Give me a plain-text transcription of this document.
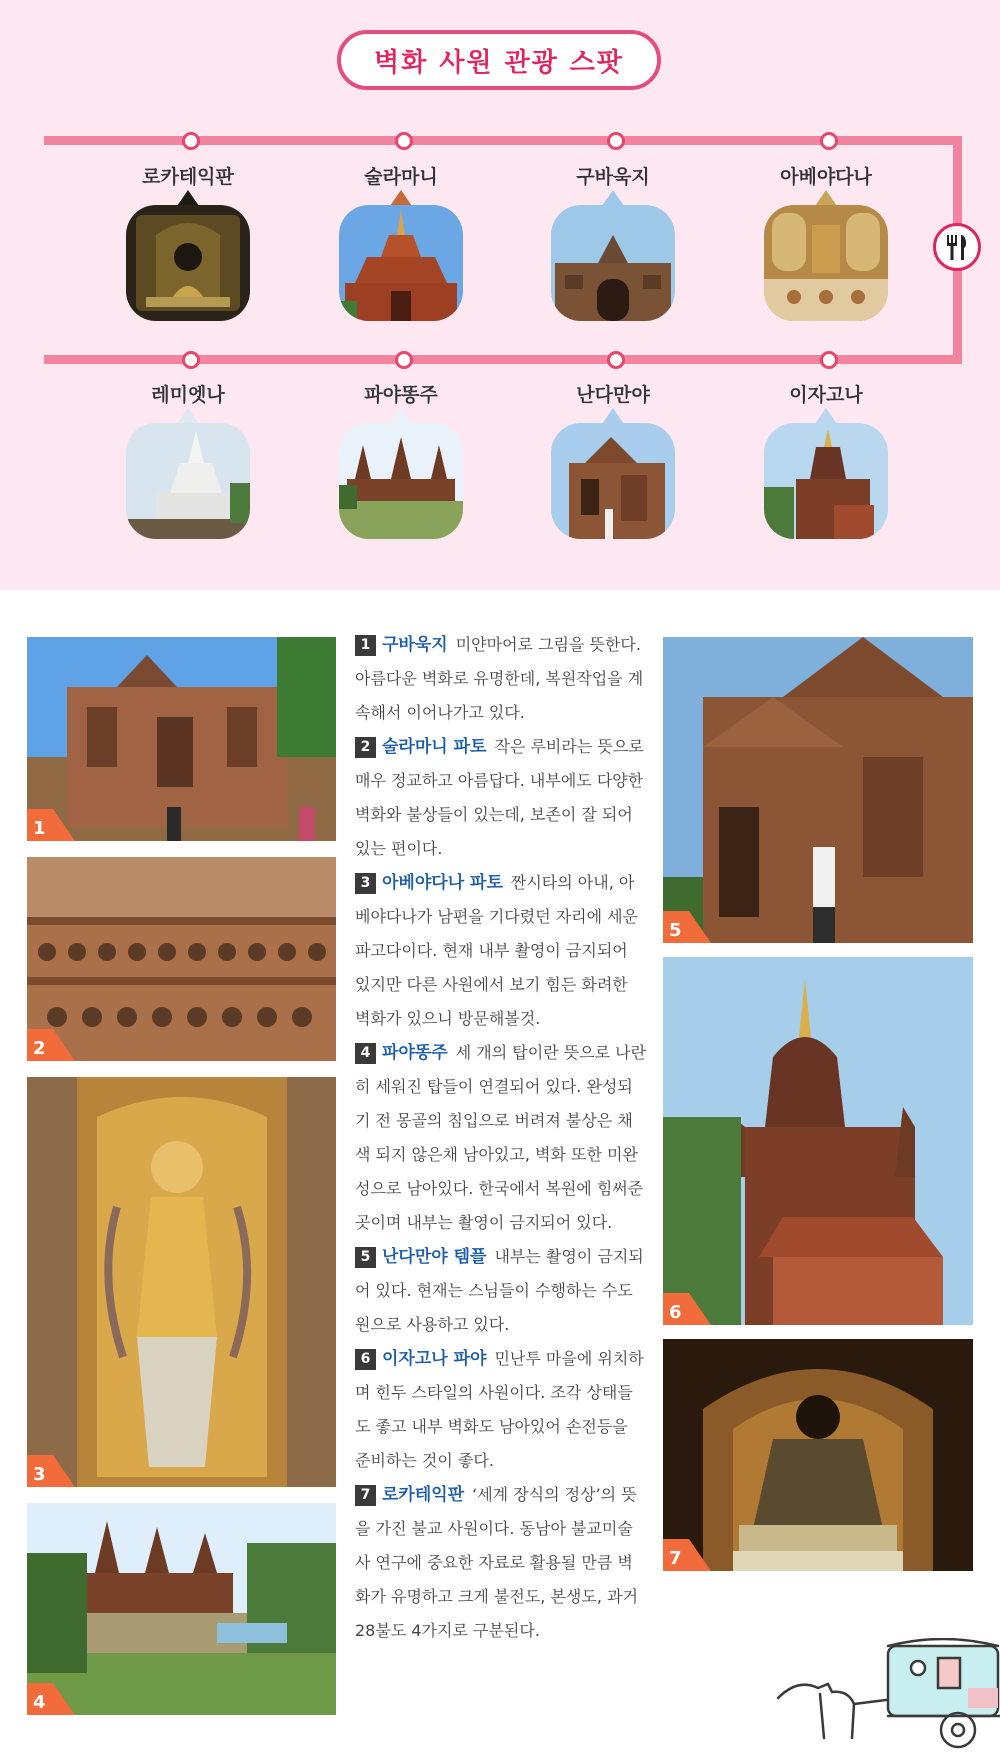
벽화 사원 관광 스팟
로카테익판	술라마니	구바욱지	아베야다나
레미엣나	파야똥주	난다만야	이자고나
1
2
3
4
5
6
7
1 구바욱지 미얀마어로 그림을 뜻한다. 아름다운 벽화로 유명한데, 복원작업을 계속해서 이어나가고 있다.
2 술라마니 파토 작은 루비라는 뜻으로 매우 정교하고 아름답다. 내부에도 다양한 벽화와 불상들이 있는데, 보존이 잘 되어 있는 편이다.
3 아베야다나 파토 짠시타의 아내, 아베야다나가 남편을 기다렸던 자리에 세운 파고다이다. 현재 내부 촬영이 금지되어 있지만 다른 사원에서 보기 힘든 화려한 벽화가 있으니 방문해볼것.
4 파야똥주 세 개의 탑이란 뜻으로 나란히 세워진 탑들이 연결되어 있다. 완성되기 전 몽골의 침입으로 버려져 불상은 채색 되지 않은채 남아있고, 벽화 또한 미완성으로 남아있다. 한국에서 복원에 힘써준 곳이며 내부는 촬영이 금지되어 있다.
5 난다만야 템플 내부는 촬영이 금지되어 있다. 현재는 스님들이 수행하는 수도원으로 사용하고 있다.
6 이자고나 파야 민난투 마을에 위치하며 힌두 스타일의 사원이다. 조각 상태들도 좋고 내부 벽화도 남아있어 손전등을 준비하는 것이 좋다.
7 로카테익판 ‘세계 장식의 정상’의 뜻을 가진 불교 사원이다. 동남아 불교미술사 연구에 중요한 자료로 활용될 만큼 벽화가 유명하고 크게 불전도, 본생도, 과거 28불도 4가지로 구분된다.
